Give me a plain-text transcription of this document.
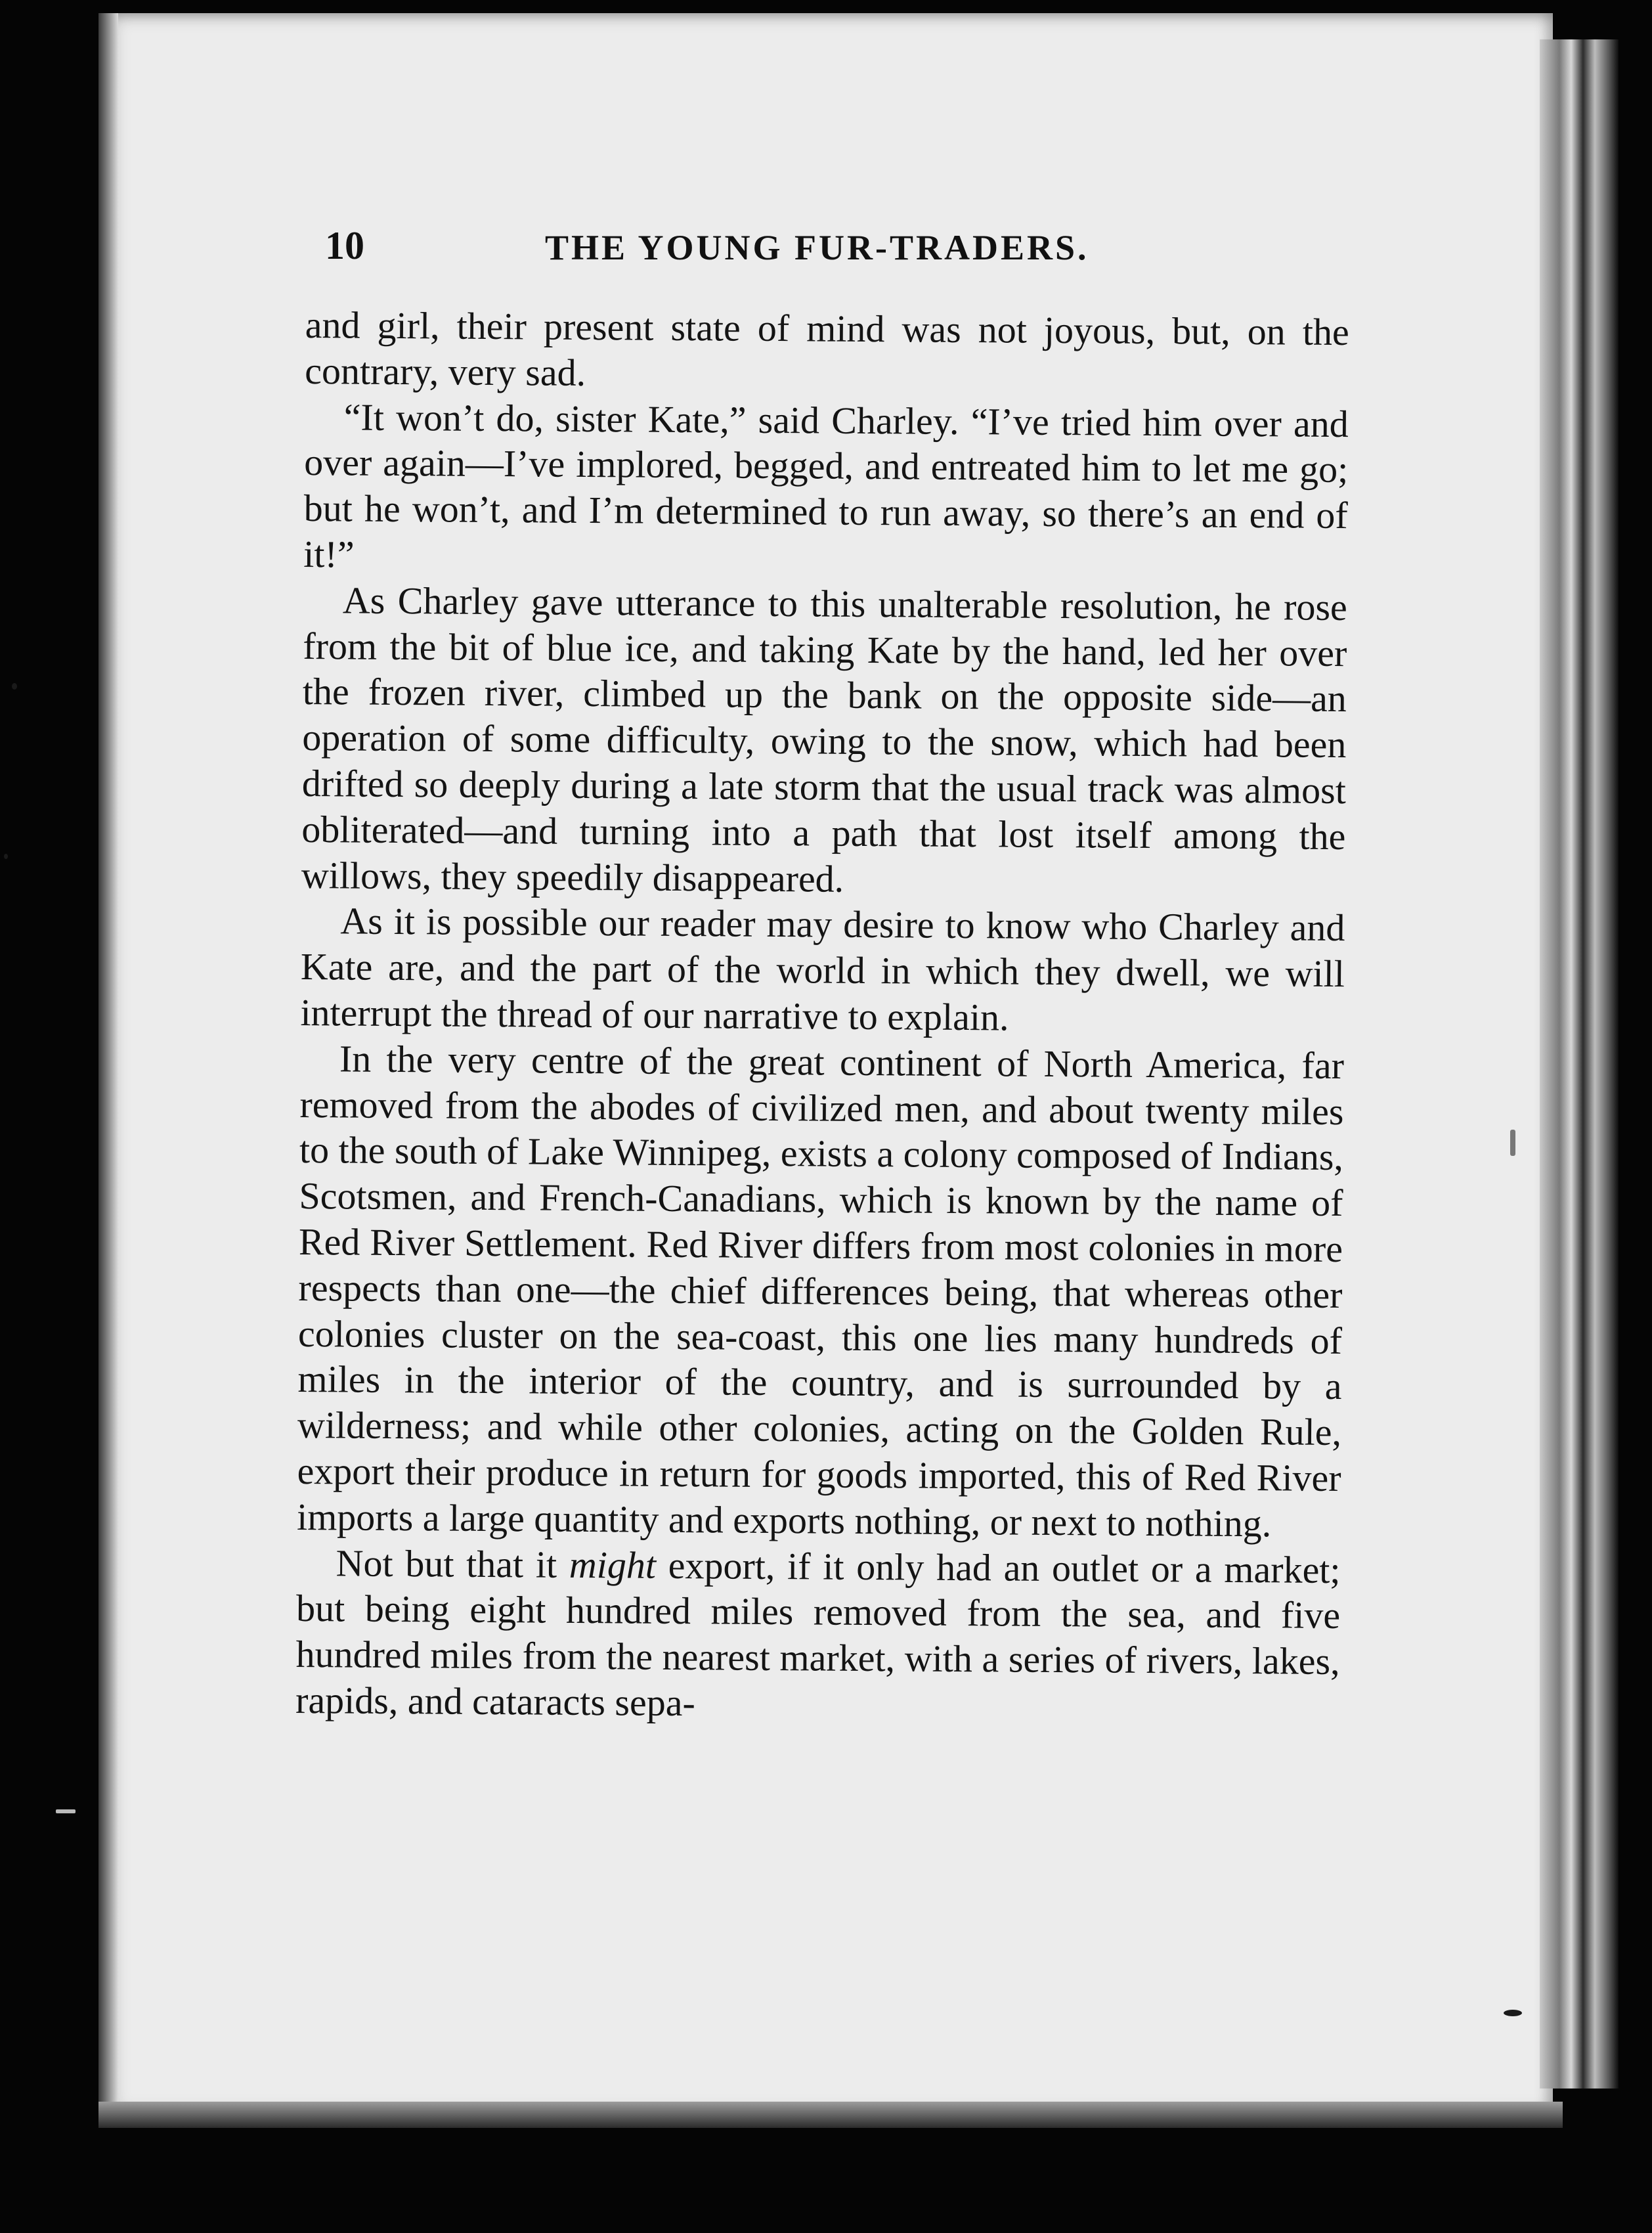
10	THE YOUNG FUR-TRADERS.

and girl, their present state of mind was not joyous, but, on the contrary, very sad.

“It won’t do, sister Kate,” said Charley. “I’ve tried him over and over again—I’ve implored, begged, and entreated him to let me go; but he won’t, and I’m determined to run away, so there’s an end of it!”

As Charley gave utterance to this unalterable resolution, he rose from the bit of blue ice, and taking Kate by the hand, led her over the frozen river, climbed up the bank on the opposite side—an operation of some difficulty, owing to the snow, which had been drifted so deeply during a late storm that the usual track was almost obliterated—and turning into a path that lost itself among the willows, they speedily disappeared.

As it is possible our reader may desire to know who Charley and Kate are, and the part of the world in which they dwell, we will interrupt the thread of our narrative to explain.

In the very centre of the great continent of North America, far removed from the abodes of civilized men, and about twenty miles to the south of Lake Winnipeg, exists a colony composed of Indians, Scotsmen, and French-Canadians, which is known by the name of Red River Settlement. Red River differs from most colonies in more respects than one—the chief differences being, that whereas other colonies cluster on the sea-coast, this one lies many hundreds of miles in the interior of the country, and is surrounded by a wilderness; and while other colonies, acting on the Golden Rule, export their produce in return for goods imported, this of Red River imports a large quantity and exports nothing, or next to nothing.

Not but that it might export, if it only had an outlet or a market; but being eight hundred miles removed from the sea, and five hundred miles from the nearest market, with a series of rivers, lakes, rapids, and cataracts sepa-
